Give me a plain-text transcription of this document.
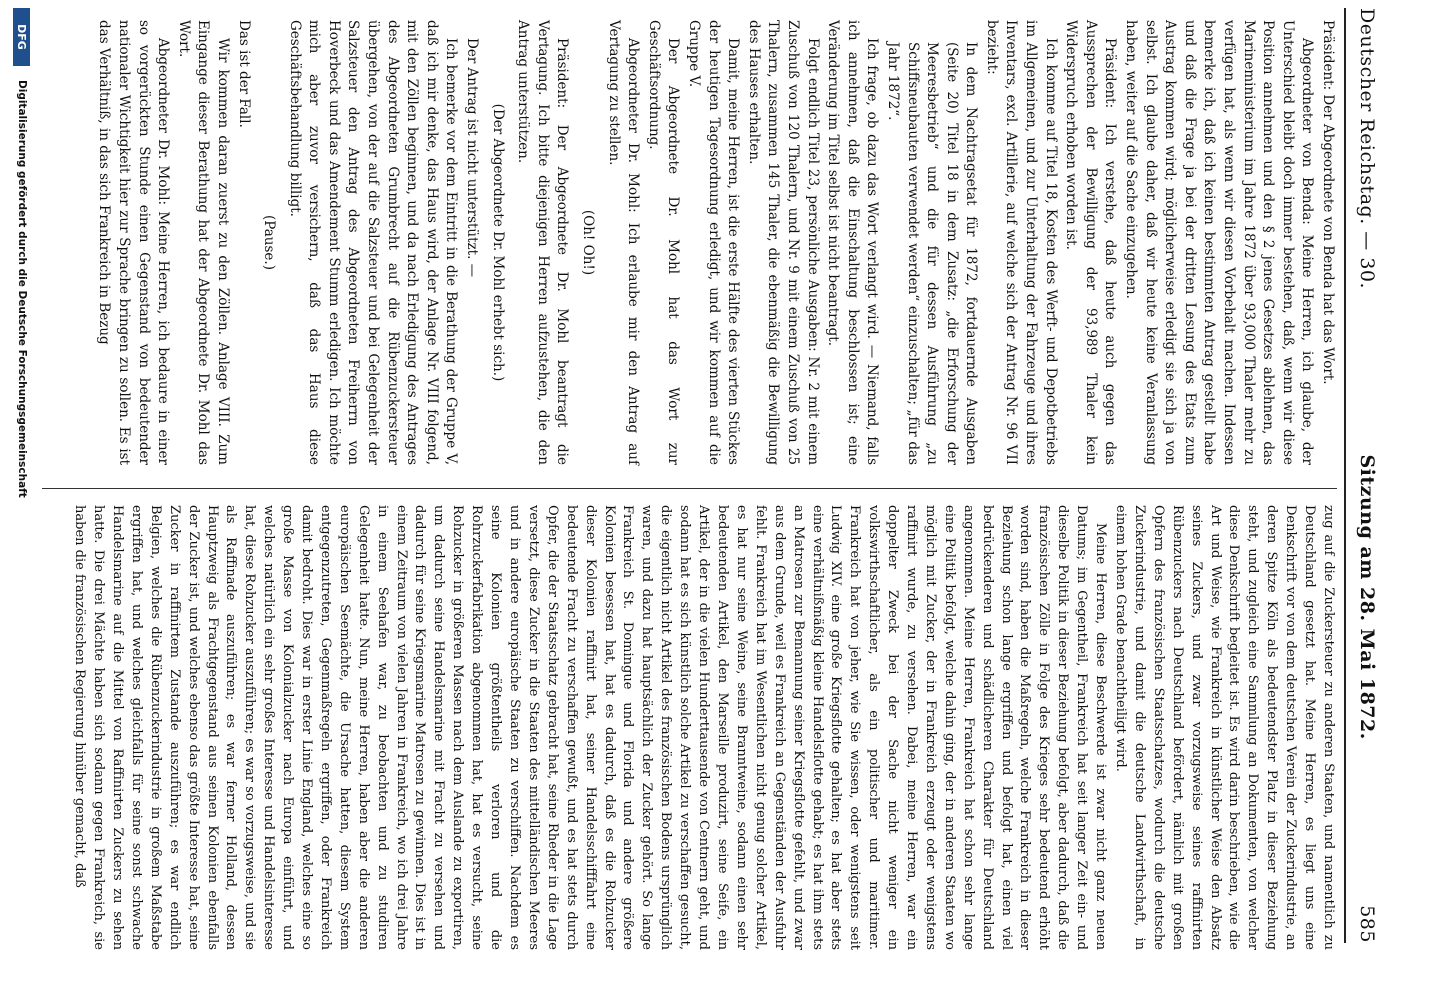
Deutscher Reichstag. — 30.
Sitzung am 28. Mai 1872.
585

Präsident: Der Abgeordnete von Benda hat das Wort.

Abgeordneter von Benda: Meine Herren, ich glaube, der Unterschied bleibt doch immer bestehen, daß, wenn wir diese Position annehmen und den § 2 jenes Gesetzes ablehnen, das Marineministerium im Jahre 1872 über 93,000 Thaler mehr zu verfügen hat, als wenn wir diesen Vorbehalt machen. Indessen bemerke ich, daß ich keinen bestimmten Antrag gestellt habe und daß die Frage ja bei der dritten Lesung des Etats zum Austrag kommen wird; möglicherweise erledigt sie sich ja von selbst. Ich glaube daher, daß wir heute keine Veranlassung haben, weiter auf die Sache einzugehen.

Präsident: Ich verstehe, daß heute auch gegen das Aussprechen der Bewilligung der 93,989 Thaler kein Widerspruch erhoben worden ist.

Ich komme auf Titel 18, Kosten des Werft- und Depotbetriebs im Allgemeinen, und zur Unterhaltung der Fahrzeuge und ihres Inventars, excl. Artillerie, auf welche sich der Antrag Nr. 96 VII bezieht:

In dem Nachtragsetat für 1872, fortdauernde Ausgaben (Seite 20) Titel 18 in dem Zusatz: „die Erforschung der Meeresbetrieb“ und die für dessen Ausführung „zu Schiffsneubauten verwendet werden“ einzuschalten; „für das Jahr 1872“.

Ich frage, ob dazu das Wort verlangt wird. — Niemand, falls ich annehmen, daß die Einschaltung beschlossen ist; eine Veränderung im Titel selbst ist nicht beantragt.

Folgt endlich Titel 23, persönliche Ausgaben: Nr. 2 mit einem Zuschuß von 120 Thalern, und Nr. 9 mit einem Zuschuß von 25 Thalern, zusammen 145 Thaler, die ebenmäßig die Bewilligung des Hauses erhalten.

Damit, meine Herren, ist die erste Hälfte des vierten Stückes der heutigen Tagesordnung erledigt, und wir kommen auf die Gruppe V.

Der Abgeordnete Dr. Mohl hat das Wort zur Geschäftsordnung.

Abgeordneter Dr. Mohl: Ich erlaube mir den Antrag auf Vertagung zu stellen.

(Oh! Oh!)

Präsident: Der Abgeordnete Dr. Mohl beantragt die Vertagung. Ich bitte diejenigen Herren aufzustehen, die den Antrag unterstützen.

(Der Abgeordnete Dr. Mohl erhebt sich.)

Der Antrag ist nicht unterstützt. —

Ich bemerke vor dem Eintritt in die Berathung der Gruppe V, daß ich mir denke, das Haus wird, der Anlage Nr. VIII folgend, mit den Zöllen beginnen, und da nach Erledigung des Antrages des Abgeordneten Grumbrecht auf die Rübenzuckersteuer übergehen, von der auf die Salzsteuer und bei Gelegenheit der Salzsteuer den Antrag des Abgeordneten Freiherrn von Hoverbeck und das Amendement Stumm erledigen. Ich möchte mich aber zuvor versichern, daß das Haus diese Geschäftsbehandlung billigt.

(Pause.)

Das ist der Fall.

Wir kommen daran zuerst zu den Zöllen. Anlage VIII. Zum Eingange dieser Berathung hat der Abgeordnete Dr. Mohl das Wort.

Abgeordneter Dr. Mohl: Meine Herren, ich bedaure in einer so vorgerückten Stunde einen Gegenstand von bedeutender nationaler Wichtigkeit hier zur Sprache bringen zu sollen. Es ist das Verhältniß, in das sich Frankreich in Bezug

zug auf die Zuckersteuer zu anderen Staaten, und namentlich zu Deutschland gesetzt hat. Meine Herren, es liegt uns eine Denkschrift vor von dem deutschen Verein der Zuckerindustrie, an deren Spitze Köln als bedeutendster Platz in dieser Beziehung steht, und zugleich eine Sammlung an Dokumenten, von welcher diese Denkschrift begleitet ist. Es wird darin beschrieben, wie die Art und Weise, wie Frankreich in künstlicher Weise den Absatz seines Zuckers, und zwar vorzugsweise seines raffinirten Rübenzuckers nach Deutschland befördert, nämlich mit großen Opfern des französischen Staatsschatzes, wodurch die deutsche Zuckerindustrie, und damit die deutsche Landwirthschaft, in einem hohen Grade benachtheiligt wird.

Meine Herren, diese Beschwerde ist zwar nicht ganz neuen Datums; im Gegentheil, Frankreich hat seit langer Zeit ein- und dieselbe Politik in dieser Beziehung befolgt, aber dadurch, daß die französischen Zölle in Folge des Krieges sehr bedeutend erhöht worden sind, haben die Maßregeln, welche Frankreich in dieser Beziehung schon lange ergriffen und befolgt hat, einen viel bedrückenderen und schädlicheren Charakter für Deutschland angenommen. Meine Herren, Frankreich hat schon sehr lange eine Politik befolgt, welche dahin ging, der in anderen Staaten wo möglich mit Zucker, der in Frankreich erzeugt oder wenigstens raffinirt wurde, zu versehen. Dabei, meine Herren, war ein doppelter Zweck bei der Sache nicht weniger ein volkswirthschaftlicher, als ein politischer und maritimer. Frankreich hat von jeher, wie Sie wissen, oder wenigstens seit Ludwig XIV. eine große Kriegsflotte gehalten; es hat aber stets eine verhältnißmäßig kleine Handelsflotte gehabt; es hat ihm stets an Matrosen zur Bemannung seiner Kriegsflotte gefehlt, und zwar aus dem Grunde, weil es Frankreich an Gegenständen der Ausfuhr fehlt. Frankreich hat im Wesentlichen nicht genug solcher Artikel, es hat nur seine Weine, seine Branntweine, sodann einen sehr bedeutenden Artikel, den Marseille produzirt, seine Seife, ein Artikel, der in die vielen Hunderttausende von Centnern geht, und sodann hat es sich künstlich solche Artikel zu verschaffen gesucht, die eigentlich nicht Artikel des französischen Bodens ursprünglich waren, und dazu hat hauptsächlich der Zucker gehört. So lange Frankreich St. Domingue und Florida und andere größere Kolonien besessen hat, hat es dadurch, daß es die Rohzucker dieser Kolonien raffinirt hat, seiner Handelsschifffahrt eine bedeutende Fracht zu verschaffen gewußt, und es hat stets durch Opfer, die der Staatsschatz gebracht hat, seine Rheder in die Lage versetzt, diese Zucker in die Staaten des mittelländischen Meeres und in andere europäische Staaten zu verschiffen. Nachdem es seine Kolonien größtentheils verloren und die Rohrzuckerfabrikation abgenommen hat, hat es versucht, seine Rohzucker in größeren Massen nach dem Auslande zu exportiren, um dadurch seine Handelsmarine mit Fracht zu versehen und dadurch für seine Kriegsmarine Matrosen zu gewinnen. Dies ist in einem Zeitraum von vielen Jahren in Frankreich, wo ich drei Jahre in einem Seehafen war, zu beobachten und zu studiren Gelegenheit hatte. Nun, meine Herren, haben aber die anderen europäischen Seemächte, die Ursache hatten, diesem System entgegenzutreten, Gegenmaßregeln ergriffen, oder Frankreich damit bedroht. Dies war in erster Linie England, welches eine so große Masse von Kolonialzucker nach Europa einführt, und welches natürlich ein sehr großes Interesse und Handelsinteresse hat, diese Rohzucker auszuführen; es war so vorzugsweise, und sie als Raffinade auszuführen; es war ferner Holland, dessen Hauptzweig als Frachtgegenstand aus seinen Kolonien ebenfalls der Zucker ist, und welches ebenso das größte Interesse hat, seine Zucker in raffinirtem Zustande auszuführen; es war endlich Belgien, welches die Rübenzuckerindustrie in großem Maßstabe ergriffen hat, und welches gleichfalls für seine sonst schwache Handelsmarine auf die Mittel von Raffinirten Zuckers zu sehen hatte. Die drei Mächte haben sich sodann gegen Frankreich, sie haben die französischen Regierung hinüber gemacht, daß

DFG
Digitalisierung gefördert durch die Deutsche Forschungsgemeinschaft
